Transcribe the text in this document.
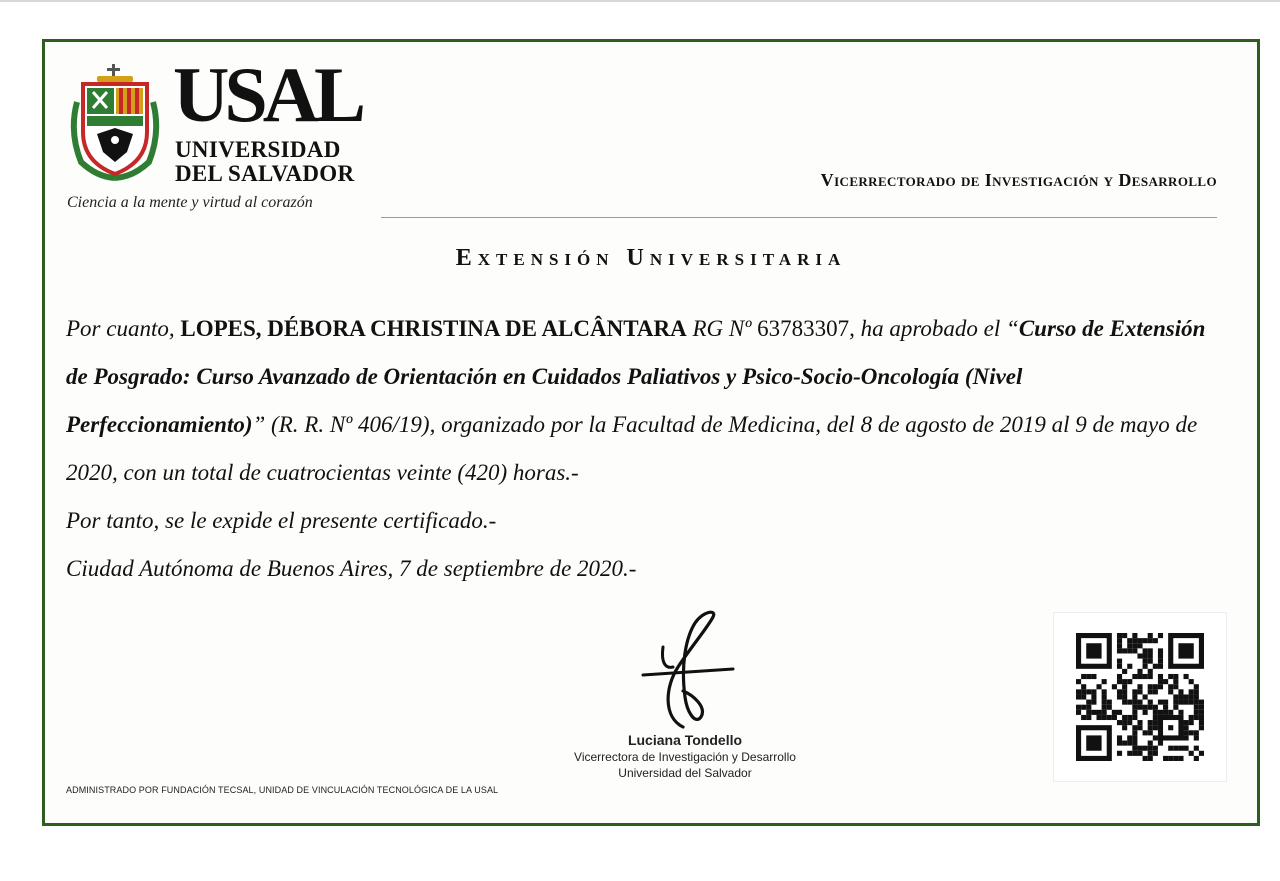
USAL
UNIVERSIDAD
DEL SALVADOR
Ciencia a la mente y virtud al corazón
Vicerrectorado de Investigación y Desarrollo
Extensión Universitaria

Por cuanto, LOPES, DÉBORA CHRISTINA DE ALCÂNTARA RG Nº 63783307, ha aprobado el “Curso de Extensión de Posgrado: Curso Avanzado de Orientación en Cuidados Paliativos y Psico-Socio-Oncología (Nivel Perfeccionamiento)” (R. R. Nº 406/19), organizado por la Facultad de Medicina, del 8 de agosto de 2019 al 9 de mayo de 2020, con un total de cuatrocientas veinte (420) horas.-

Por tanto, se le expide el presente certificado.-

Ciudad Autónoma de Buenos Aires, 7 de septiembre de 2020.-

Luciana Tondello
Vicerrectora de Investigación y Desarrollo
Universidad del Salvador
ADMINISTRADO POR FUNDACIÓN TECSAL, UNIDAD DE VINCULACIÓN TECNOLÓGICA DE LA USAL
